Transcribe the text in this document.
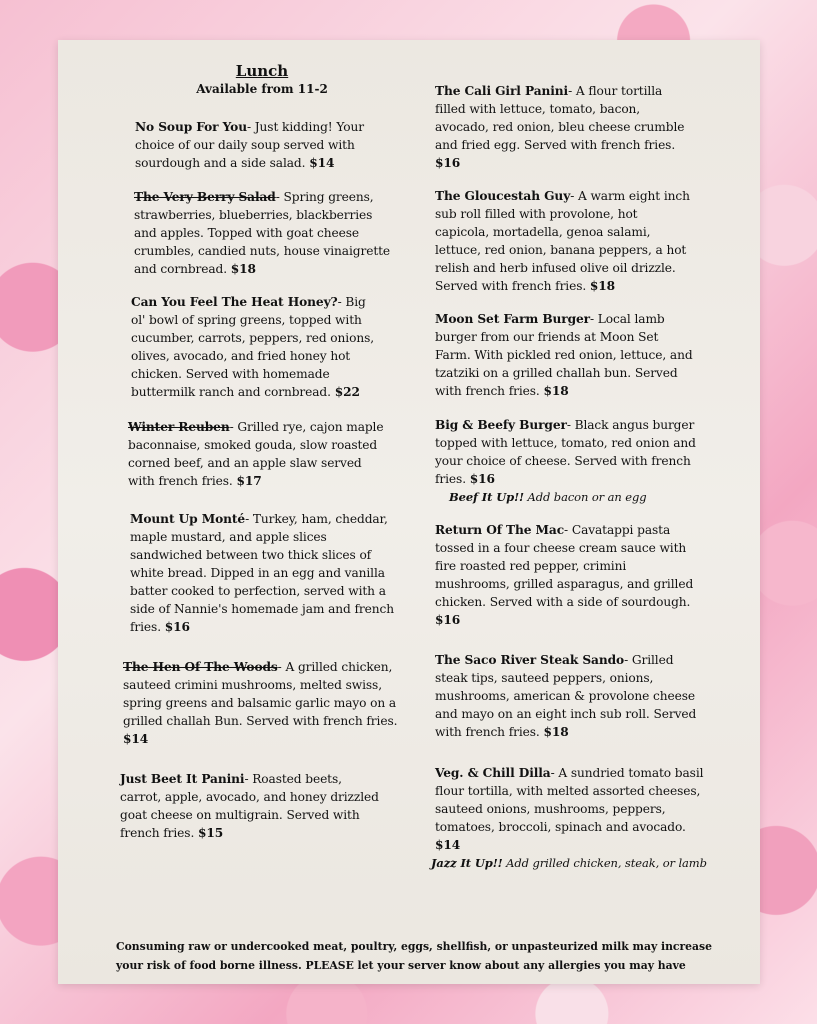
Lunch
Available from 11-2
No Soup For You- Just kidding! Your choice of our daily soup served with sourdough and a side salad. $14
The Very Berry Salad- Spring greens, strawberries, blueberries, blackberries and apples. Topped with goat cheese crumbles, candied nuts, house vinaigrette and cornbread. $18
Can You Feel The Heat Honey?- Big ol' bowl of spring greens, topped with cucumber, carrots, peppers, red onions, olives, avocado, and fried honey hot chicken. Served with homemade buttermilk ranch and cornbread. $22
Winter Reuben- Grilled rye, cajon maple baconnaise, smoked gouda, slow roasted corned beef, and an apple slaw served with french fries. $17
Mount Up Monté- Turkey, ham, cheddar, maple mustard, and apple slices sandwiched between two thick slices of white bread. Dipped in an egg and vanilla batter cooked to perfection, served with a side of Nannie's homemade jam and french fries. $16
The Hen Of The Woods- A grilled chicken, sauteed crimini mushrooms, melted swiss, spring greens and balsamic garlic mayo on a grilled challah Bun. Served with french fries. $14
Just Beet It Panini- Roasted beets, carrot, apple, avocado, and honey drizzled goat cheese on multigrain. Served with french fries. $15
The Cali Girl Panini- A flour tortilla filled with lettuce, tomato, bacon, avocado, red onion, bleu cheese crumble and fried egg. Served with french fries. $16
The Gloucestah Guy- A warm eight inch sub roll filled with provolone, hot capicola, mortadella, genoa salami, lettuce, red onion, banana peppers, a hot relish and herb infused olive oil drizzle. Served with french fries. $18
Moon Set Farm Burger- Local lamb burger from our friends at Moon Set Farm. With pickled red onion, lettuce, and tzatziki on a grilled challah bun. Served with french fries. $18
Big & Beefy Burger- Black angus burger topped with lettuce, tomato, red onion and your choice of cheese. Served with french fries. $16
Beef It Up!! Add bacon or an egg
Return Of The Mac- Cavatappi pasta tossed in a four cheese cream sauce with fire roasted red pepper, crimini mushrooms, grilled asparagus, and grilled chicken. Served with a side of sourdough. $16
The Saco River Steak Sando- Grilled steak tips, sauteed peppers, onions, mushrooms, american & provolone cheese and mayo on an eight inch sub roll. Served with french fries. $18
Veg. & Chill Dilla- A sundried tomato basil flour tortilla, with melted assorted cheeses, sauteed onions, mushrooms, peppers, tomatoes, broccoli, spinach and avocado. $14
Jazz It Up!! Add grilled chicken, steak, or lamb
Consuming raw or undercooked meat, poultry, eggs, shellfish, or unpasteurized milk may increase your risk of food borne illness. PLEASE let your server know about any allergies you may have
